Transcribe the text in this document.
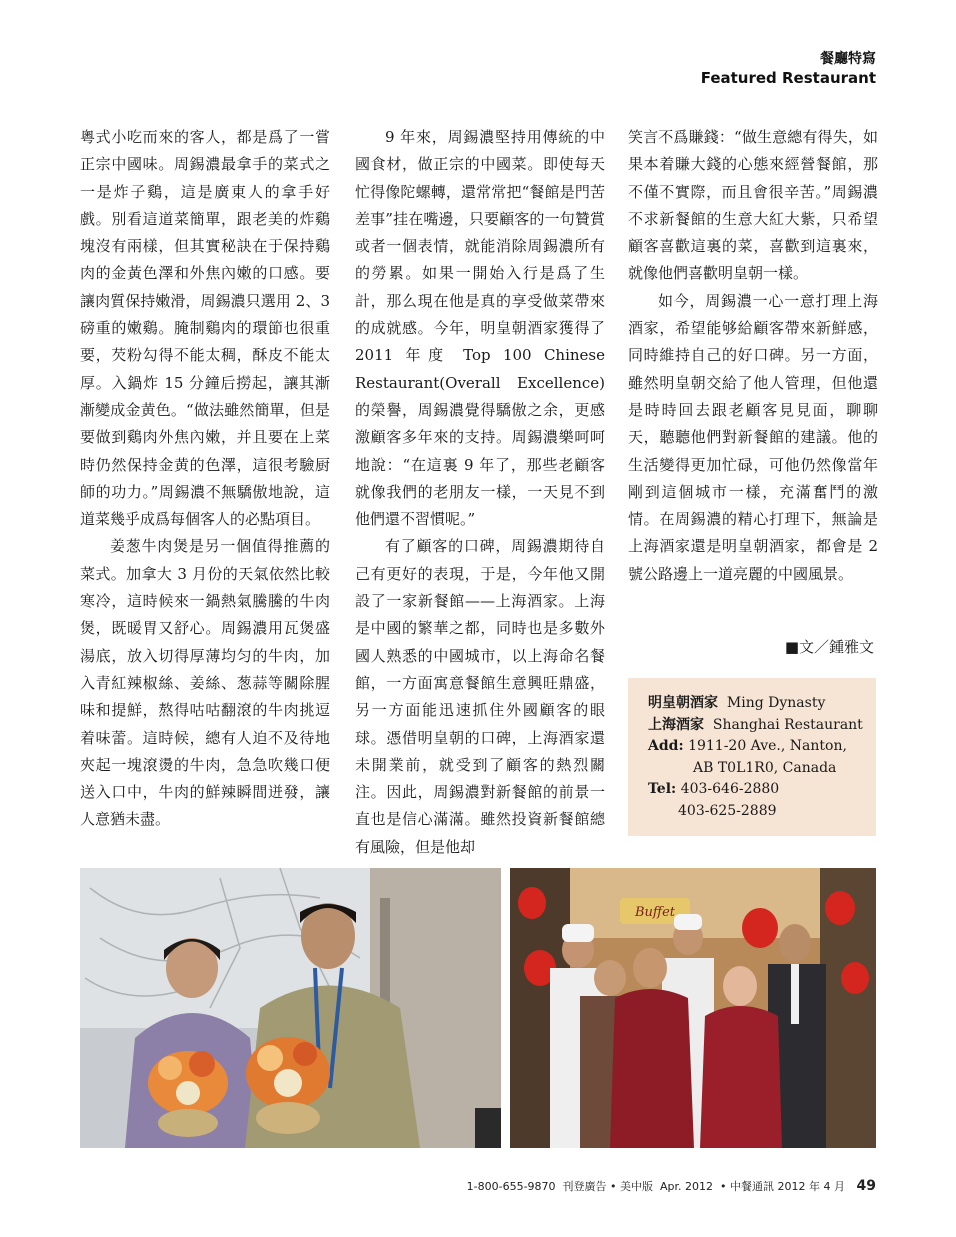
餐廳特寫
Featured Restaurant

粵式小吃而來的客人，都是爲了一嘗正宗中國味。周錫濃最拿手的菜式之一是炸子鷄，這是廣東人的拿手好戲。別看這道菜簡單，跟老美的炸鷄塊沒有兩樣，但其實秘訣在于保持鷄肉的金黃色澤和外焦內嫩的口感。要讓肉質保持嫩滑，周錫濃只選用 2、3 磅重的嫩鷄。腌制鷄肉的環節也很重要，芡粉勾得不能太稠，酥皮不能太厚。入鍋炸 15 分鐘后撈起，讓其漸漸變成金黄色。“做法雖然簡單，但是要做到鷄肉外焦內嫩，并且要在上菜時仍然保持金黄的色澤，這很考驗厨師的功力。”周錫濃不無驕傲地說，這道菜幾乎成爲每個客人的必點項目。

姜葱牛肉煲是另一個值得推薦的菜式。加拿大 3 月份的天氣依然比較寒冷，這時候來一鍋熱氣騰騰的牛肉煲，既暖胃又舒心。周錫濃用瓦煲盛湯底，放入切得厚薄均匀的牛肉，加入青紅辣椒絲、姜絲、葱蒜等關除腥味和提鮮，熬得咕咕翻滾的牛肉挑逗着味蕾。這時候，總有人迫不及待地夾起一塊滾燙的牛肉，急急吹幾口便送入口中，牛肉的鮮辣瞬間迸發，讓人意猶未盡。

9 年來，周錫濃堅持用傳統的中國食材，做正宗的中國菜。即使每天忙得像陀螺轉，還常常把“餐館是門苦差事”挂在嘴邊，只要顧客的一句贊賞或者一個表情，就能消除周錫濃所有的勞累。如果一開始入行是爲了生計，那么現在他是真的享受做菜帶來的成就感。今年，明皇朝酒家獲得了 2011 年度 Top 100 Chinese Restaurant(Overall Excellence) 的榮譽，周錫濃覺得驕傲之余，更感激顧客多年來的支持。周錫濃樂呵呵地說：“在這裏 9 年了，那些老顧客就像我們的老朋友一樣，一天見不到他們還不習慣呢。”

有了顧客的口碑，周錫濃期待自己有更好的表現，于是，今年他又開設了一家新餐館——上海酒家。上海是中國的繁華之都，同時也是多數外國人熟悉的中國城市，以上海命名餐館，一方面寓意餐館生意興旺鼎盛，另一方面能迅速抓住外國顧客的眼球。憑借明皇朝的口碑，上海酒家還未開業前，就受到了顧客的熱烈關注。因此，周錫濃對新餐館的前景一直也是信心滿滿。雖然投資新餐館總有風險，但是他却

笑言不爲賺錢：“做生意總有得失，如果本着賺大錢的心態來經營餐館，那不僅不實際，而且會很辛苦。”周錫濃不求新餐館的生意大紅大紫，只希望顧客喜歡這裏的菜，喜歡到這裏來，就像他們喜歡明皇朝一樣。

如今，周錫濃一心一意打理上海酒家，希望能够給顧客帶來新鮮感，同時維持自己的好口碑。另一方面，雖然明皇朝交給了他人管理，但他還是時時回去跟老顧客見見面，聊聊天，聽聽他們對新餐館的建議。他的生活變得更加忙碌，可他仍然像當年剛到這個城市一樣，充滿奮鬥的激情。在周錫濃的精心打理下，無論是上海酒家還是明皇朝酒家，都會是 2 號公路邊上一道亮麗的中國風景。

■文／鍾雅文
明皇朝酒家 Ming Dynasty
上海酒家 Shanghai Restaurant
Add: 1911-20 Ave., Nanton,
AB T0L1R0, Canada
Tel: 403-646-2880
403-625-2889
Buffet
1-800-655-9870 刊登廣告 • 美中版 Apr. 2012 • 中餐通訊 2012 年 4 月 49
